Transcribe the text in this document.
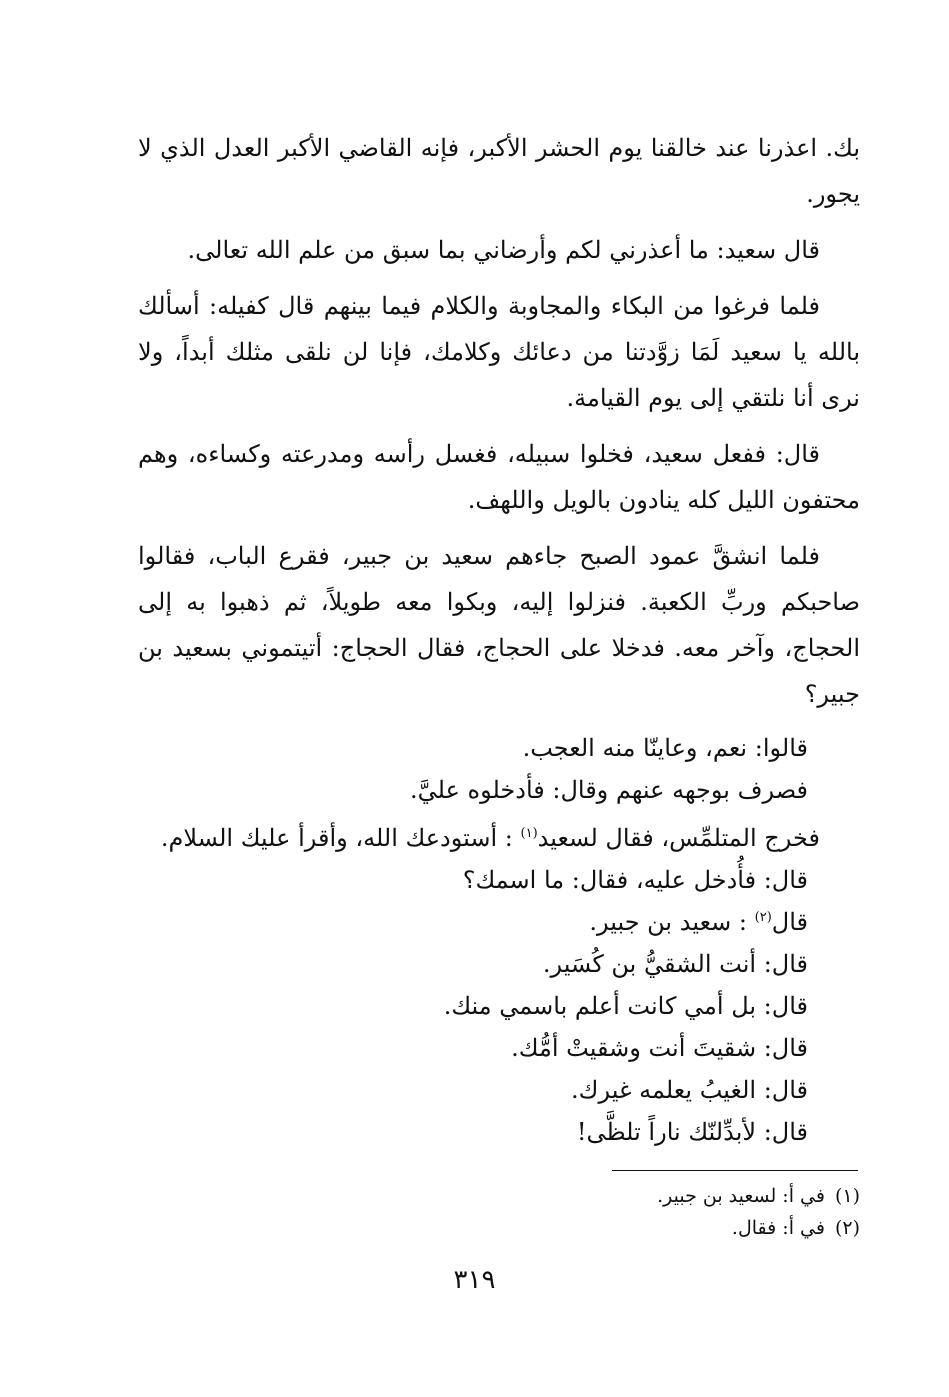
بك. اعذرنا عند خالقنا يوم الحشر الأكبر، فإنه القاضي الأكبر العدل الذي لا يجور.

قال سعيد: ما أعذرني لكم وأرضاني بما سبق من علم الله تعالى.

فلما فرغوا من البكاء والمجاوبة والكلام فيما بينهم قال كفيله: أسألك بالله يا سعيد لَمَا زوَّدتنا من دعائك وكلامك، فإنا لن نلقى مثلك أبداً، ولا نرى أنا نلتقي إلى يوم القيامة.

قال: ففعل سعيد، فخلوا سبيله، فغسل رأسه ومدرعته وكساءه، وهم محتفون الليل كله ينادون بالويل واللهف.

فلما انشقَّ عمود الصبح جاءهم سعيد بن جبير، فقرع الباب، فقالوا صاحبكم وربِّ الكعبة. فنزلوا إليه، وبكوا معه طويلاً، ثم ذهبوا به إلى الحجاج، وآخر معه. فدخلا على الحجاج، فقال الحجاج: أتيتموني بسعيد بن جبير؟

قالوا: نعم، وعاينّا منه العجب.

فصرف بوجهه عنهم وقال: فأدخلوه عليَّ.

فخرج المتلمِّس، فقال لسعيد$^{(١)}$ : أستودعك الله، وأقرأ عليك السلام.

قال: فأُدخل عليه، فقال: ما اسمك؟

قال$^{(٢)}$ : سعيد بن جبير.

قال: أنت الشقيُّ بن كُسَير.

قال: بل أمي كانت أعلم باسمي منك.

قال: شقيتَ أنت وشقيتْ أمُّك.

قال: الغيبُ يعلمه غيرك.

قال: لأبدِّلنّك ناراً تلظَّى!

(١)في أ: لسعيد بن جبير.

(٢)في أ: فقال.

٣١٩
